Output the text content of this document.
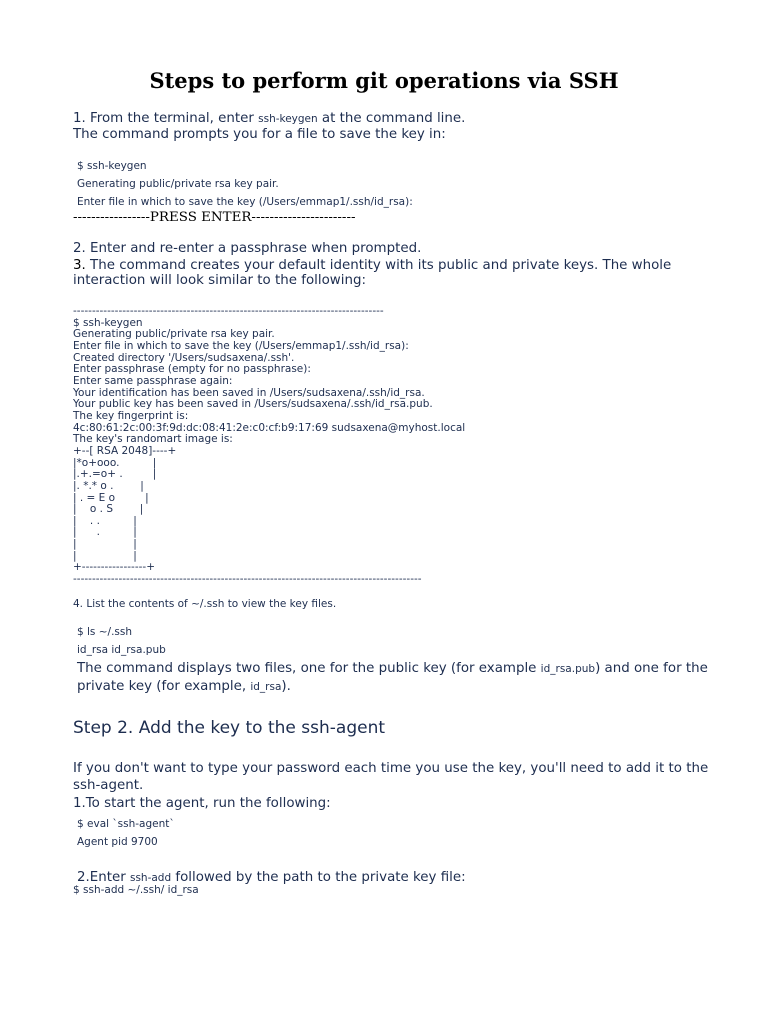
Steps to perform git operations via SSH
1. From the terminal, enter ssh-keygen at the command line.
The command prompts you for a file to save the key in:
$ ssh-keygen
Generating public/private rsa key pair.
Enter file in which to save the key (/Users/emmap1/.ssh/id_rsa):
-----------------PRESS ENTER-----------------------
2. Enter and re-enter a passphrase when prompted.
3. The command creates your default identity with its public and private keys. The whole interaction will look similar to the following:
----------------------------------------------------------------------------------
$ ssh-keygen
Generating public/private rsa key pair.
Enter file in which to save the key (/Users/emmap1/.ssh/id_rsa):
Created directory '/Users/sudsaxena/.ssh'.
Enter passphrase (empty for no passphrase):
Enter same passphrase again:
Your identification has been saved in /Users/sudsaxena/.ssh/id_rsa.
Your public key has been saved in /Users/sudsaxena/.ssh/id_rsa.pub.
The key fingerprint is:
4c:80:61:2c:00:3f:9d:dc:08:41:2e:c0:cf:b9:17:69 sudsaxena@myhost.local
The key's randomart image is:
+--[ RSA 2048]----+
|*o+ooo.          |
|.+.=o+ .         |
|. *.* o .        |
| . = E o         |
|    o . S        |
|    . .          |
|      .          |
|                 |
|                 |
+-----------------+
--------------------------------------------------------------------------------------------
4. List the contents of ~/.ssh to view the key files.
$ ls ~/.ssh
id_rsa id_rsa.pub
The command displays two files, one for the public key (for example id_rsa.pub) and one for the private key (for example, id_rsa).
Step 2. Add the key to the ssh-agent
If you don't want to type your password each time you use the key, you'll need to add it to the ssh-agent.
1.To start the agent, run the following:
$ eval `ssh-agent`
Agent pid 9700
2.Enter ssh-add followed by the path to the private key file:
$ ssh-add ~/.ssh/ id_rsa
